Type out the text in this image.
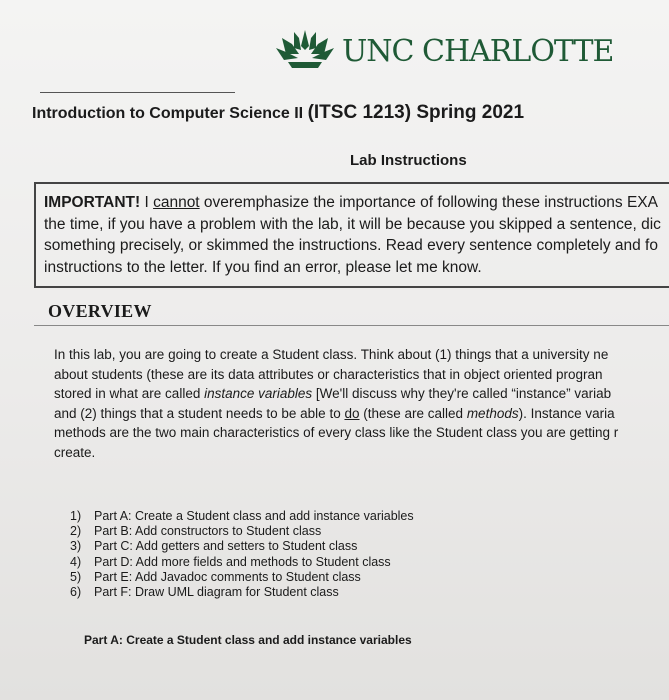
UNC CHARLOTTE
Introduction to Computer Science II (ITSC 1213) Spring 2021
Lab Instructions
IMPORTANT! I cannot overemphasize the importance of following these instructions EXA
the time, if you have a problem with the lab, it will be because you skipped a sentence, dic
something precisely, or skimmed the instructions. Read every sentence completely and fo
instructions to the letter. If you find an error, please let me know.
OVERVIEW
In this lab, you are going to create a Student class. Think about (1) things that a university ne
about students (these are its data attributes or characteristics that in object oriented progran
stored in what are called instance variables [We'll discuss why they're called “instance” variab
and (2) things that a student needs to be able to do (these are called methods). Instance varia
methods are the two main characteristics of every class like the Student class you are getting r
create.
1) Part A: Create a Student class and add instance variables
2) Part B: Add constructors to Student class
3) Part C: Add getters and setters to Student class
4) Part D: Add more fields and methods to Student class
5) Part E: Add Javadoc comments to Student class
6) Part F: Draw UML diagram for Student class
Part A: Create a Student class and add instance variables
